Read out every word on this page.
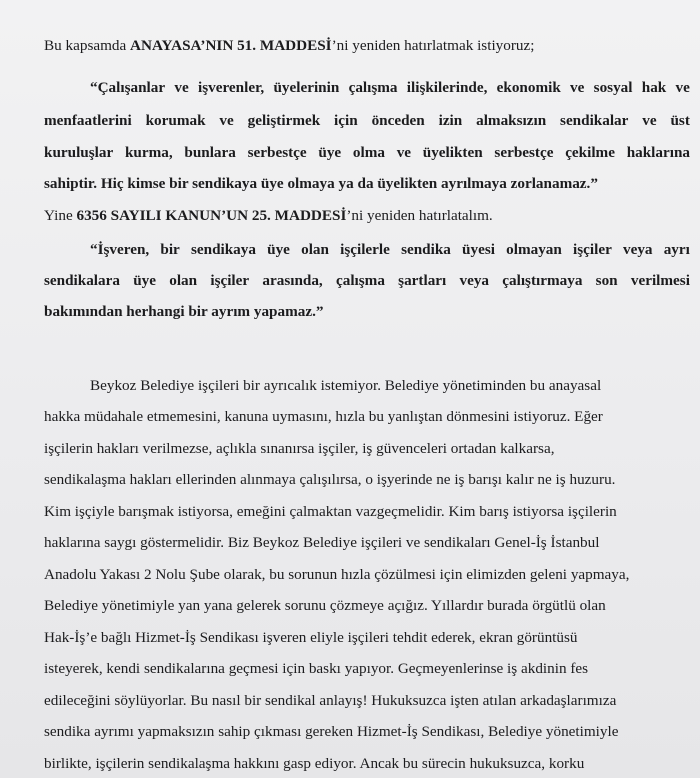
Bu kapsamda ANAYASA’NIN 51. MADDESİ ’ni yeniden hatırlatmak istiyoruz;
“Çalışanlar ve işverenler, üyelerinin çalışma ilişkilerinde, ekonomik ve sosyal hak ve
menfaatlerini korumak ve geliştirmek için önceden izin almaksızın sendikalar ve üst
kuruluşlar kurma, bunlara serbestçe üye olma ve üyelikten serbestçe çekilme haklarına
sahiptir. Hiç kimse bir sendikaya üye olmaya ya da üyelikten ayrılmaya zorlanamaz.”
Yine 6356 SAYILI KANUN’UN 25. MADDESİ ’ni yeniden hatırlatalım.
“İşveren, bir sendikaya üye olan işçilerle sendika üyesi olmayan işçiler veya ayrı
sendikalara üye olan işçiler arasında, çalışma şartları veya çalıştırmaya son verilmesi
bakımından herhangi bir ayrım yapamaz.”
Beykoz Belediye işçileri bir ayrıcalık istemiyor. Belediye yönetiminden bu anayasal
hakka müdahale etmemesini, kanuna uymasını, hızla bu yanlıştan dönmesini istiyoruz. Eğer
işçilerin hakları verilmezse, açlıkla sınanırsa işçiler, iş güvenceleri ortadan kalkarsa,
sendikalaşma hakları ellerinden alınmaya çalışılırsa, o işyerinde ne iş barışı kalır ne iş huzuru.
Kim işçiyle barışmak istiyorsa, emeğini çalmaktan vazgeçmelidir. Kim barış istiyorsa işçilerin
haklarına saygı göstermelidir. Biz Beykoz Belediye işçileri ve sendikaları Genel-İş İstanbul
Anadolu Yakası 2 Nolu Şube olarak, bu sorunun hızla çözülmesi için elimizden geleni yapmaya,
Belediye yönetimiyle yan yana gelerek sorunu çözmeye açığız. Yıllardır burada örgütlü olan
Hak-İş’e bağlı Hizmet-İş Sendikası işveren eliyle işçileri tehdit ederek, ekran görüntüsü
isteyerek, kendi sendikalarına geçmesi için baskı yapıyor. Geçmeyenlerinse iş akdinin fes
edileceğini söylüyorlar. Bu nasıl bir sendikal anlayış! Hukuksuzca işten atılan arkadaşlarımıza
sendika ayrımı yapmaksızın sahip çıkması gereken Hizmet-İş Sendikası, Belediye yönetimiyle
birlikte, işçilerin sendikalaşma hakkını gasp ediyor. Ancak bu sürecin hukuksuzca, korku
